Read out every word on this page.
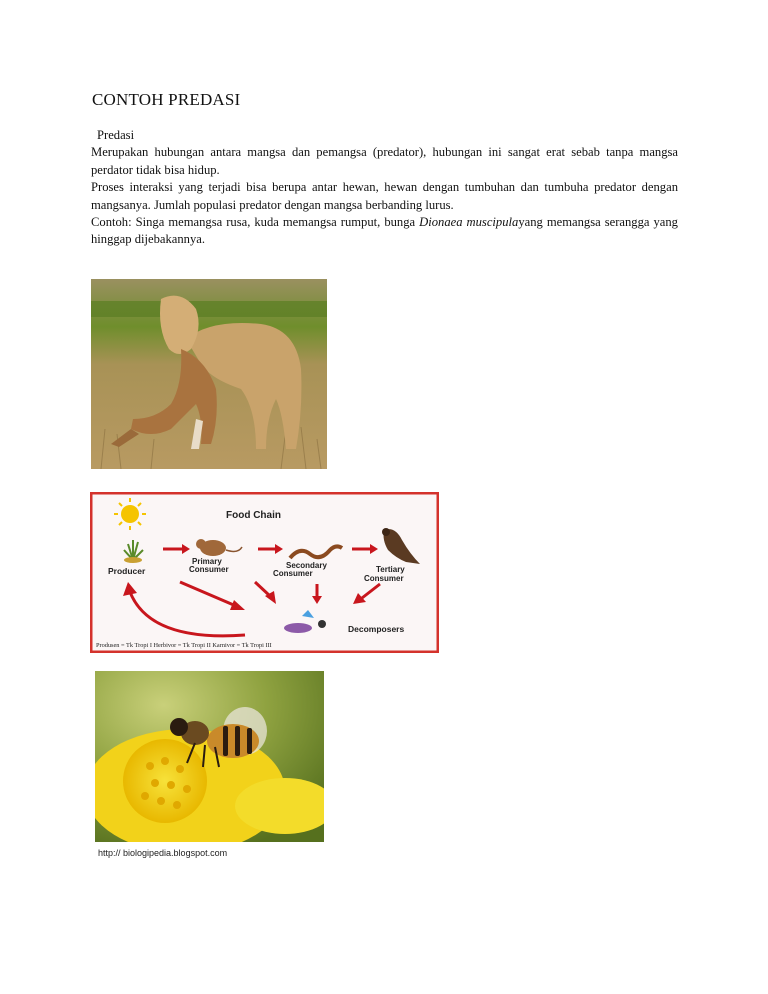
CONTOH PREDASI

Predasi

Merupakan hubungan antara mangsa dan pemangsa (predator), hubungan ini sangat erat sebab tanpa mangsa perdator tidak bisa hidup.

Proses interaksi yang terjadi bisa berupa antar hewan, hewan dengan tumbuhan dan tumbuha predator dengan mangsanya. Jumlah populasi predator dengan mangsa berbanding lurus.

Contoh: Singa memangsa rusa, kuda memangsa rumput, bunga Dionaea muscipulayang memangsa serangga yang hinggap dijebakannya.

Food Chain
Producer
Primary
Consumer	Secondary
Consumer	Tertiary
Consumer
Decomposers
Produsen = Tk Tropi I Herbivor = Tk Tropi II Karnivor = Tk Tropi III
http:// biologipedia.blogspot.com
